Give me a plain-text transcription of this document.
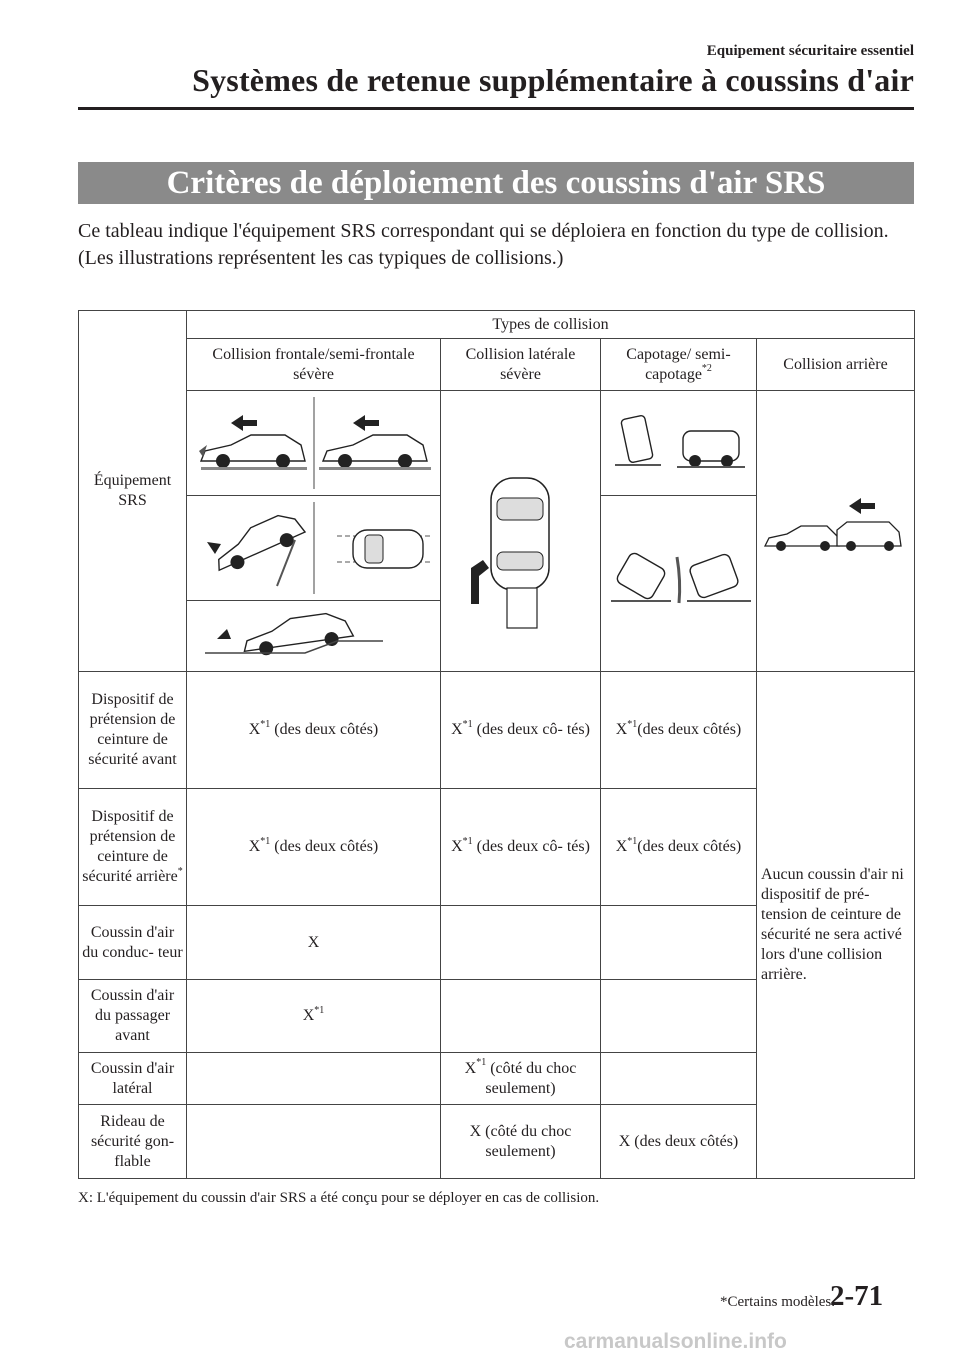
Equipement sécuritaire essentiel
Systèmes de retenue supplémentaire à coussins d'air
Critères de déploiement des coussins d'air SRS

Ce tableau indique l'équipement SRS correspondant qui se déploiera en fonction du type de collision.

(Les illustrations représentent les cas typiques de collisions.)

Équipement SRS	Types de collision			
	Collision frontale/semi-frontale sévère	Collision latérale sévère	Capotage/ semi-capotage$^{*2}$	Collision arrière

Dispositif de prétension de ceinture de sécurité avant	$X^{*1}$ (des deux côtés)	$X^{*1}$ (des deux cô- tés)	$X^{*1}(des$ deux côtés)	Aucun coussin d'air ni dispositif de pré- tension de ceinture de sécurité ne sera activé lors d'une collision arrière.
Dispositif de prétension de ceinture de sécurité arrière*	$X^{*1}$ (des deux côtés)	$X^{*1}$ (des deux cô- tés)	$X^{*1}(des$ deux côtés)	
Coussin d'air du conduc- teur	X			
Coussin d'air du passager avant	$X^{*1}$		
Coussin d'air latéral		$X^{*1}$ (côté du choc seulement)		
Rideau de sécurité gon- flable		X (côté du choc seulement)	X (des deux côtés)	
X: L'équipement du coussin d'air SRS a été conçu pour se déployer en cas de collision.
*Certains modèles.
2-71
carmanualsonline.info
